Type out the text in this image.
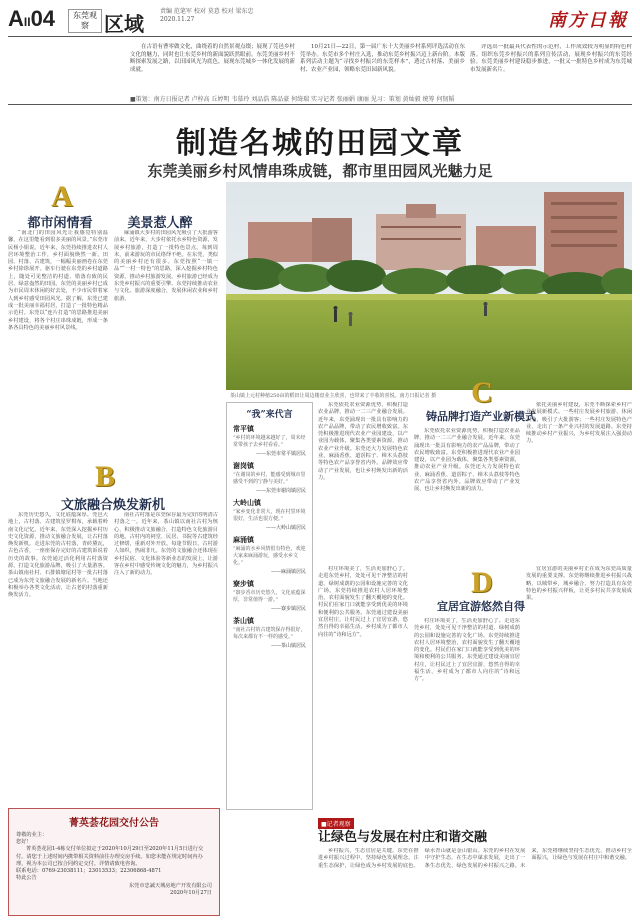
AII04	东莞观察 区域
责编 范笔军 校对 莫意 校对 梁东忠 2020.11.27	南方日報
在古语有曹零做文化，曲绕着的自然景观点缀；展现了莞邑乡村文化的魅力，同时也让东莞乡村的新面貌跃然眼前。东莞美丽乡村不断探索发展之路，以田园风光为底色，展现东莞城乡一体化发展的新成就。
10月21日—22日，第一届广东十大美丽乡村系列评选活动在东莞举办。东莞市多个村庄入选，推动东莞乡村振兴迈上新台阶。本版系列活动主题为“寻找乡村振兴的东莞样本”，透过古村落、美丽乡村、农业产业园，领略东莞田园新风貌。
评选出一批最具代表性的示范村，工作成效较为明显的特色村落。组织东莞乡村振兴的系列宣传活动，展现乡村振兴的东莞经验。东莞美丽乡村建设稳步推进，一批又一批特色乡村成为东莞城市发展新名片。
■策划：南方日报记者 卢梓高 丘婷明 韦慕玲 刘品浩 陈品豪 何绮瑞 实习记者 张丽娟 康丽 见习：策划 黄灿毅 统筹 何韧韬
制造名城的田园文章
东莞美丽乡村风情串珠成链，都市里田园风光魅力足
A
都市闲情看	美景惹人醉
“南北门的田园风光让我感觉特别温馨，在这里能看到很多美丽的风景。”东莞市民杨小姐说。近年来，东莞持续推进农村人居环境整治工作，乡村面貌焕然一新。田园、村落、古建筑，一幅幅美丽画卷在东莞乡村徐徐展开。驱车行驶在东莞的乡村道路上，随处可见整洁的村道、错落有致的民居、绿意盎然的田园。东莞的美丽乡村已成为市民周末休闲的好去处，不少市民带着家人到乡村感受田园风光。据了解，东莞已建成一批美丽幸福村居，打造了一批特色精品示范村。东莞以“连片打造”的思路推进美丽乡村建设，将各个村庄串珠成链，形成一条条各具特色的美丽乡村风景线。
麻涌镇大步村的田园风光吸引了大批游客前来。近年来，大步村依托水乡特色资源，发展乡村旅游，打造了一批特色景点。每到周末，前来游玩的市民络绎不绝。在东莞，类似的美丽乡村还有很多。东莞按照“一镇一品”“一村一特色”的思路，深入挖掘乡村特色资源，推动乡村旅游发展。乡村旅游已经成为东莞乡村振兴的重要引擎。东莞持续推动农业与文化、旅游深度融合，发展休闲农业和乡村旅游。
B
文旅融合焕发新机
东莞历史悠久，文化底蕴深厚。莞邑大地上，古村落、古建筑星罗棋布，承载着岭南文化记忆。近年来，东莞深入挖掘乡村历史文化资源，推动文旅融合发展，让古村落焕发新机。走进东莞的古村落，青砖黛瓦，古色古香，一座座保存完好的古建筑诉说着历史的故事。东莞通过活化利用古村落资源，打造文化旅游品牌，吸引了大量游客。茶山镇南社村、石排镇塘尾村等一批古村落已成为东莞文旅融合发展的新名片。当地还积极举办各类文化活动，让古老的村落重新焕发活力。
南社古村落是东莞保存最为完好的明清古村落之一。近年来，茶山镇以南社古村为核心，积极推动文旅融合，打造特色文化旅游目的地。古村内的祠堂、民居、书院等古建筑经过修缮，重新对外开放。每逢节假日，古村游人如织，热闹非凡。东莞的文旅融合还体现在乡村民宿、文化体验等新业态的发展上，让游客在乡村中感受传统文化的魅力，为乡村振兴注入了新的动力。
茶山镇上元村种植250亩的稻田让周边楼盘业主欣喜，也带来了丰收的喜悦。南方日报记者 摄
“我”来代言
常平镇
“乡村的环境越来越好了，周末经常带孩子去乡村看看。”
——东莞市常平镇居民
谢岗镇
“在谢岗的乡村，能感受到城市里感受不到的宁静与美好。”
——东莞市谢岗镇居民
大岭山镇
“家乡变化非常大，现在村里环境很好，生活也很方便。”
——大岭山镇居民
麻涌镇
“麻涌的水乡风情很有特色，欢迎大家来麻涌游玩，感受水乡文化。”
——麻涌镇居民
寮步镇
“寮步香市历史悠久，文化底蕴深厚，非常值得一游。”
——寮步镇居民
茶山镇
“南社古村的古建筑保存得很好，每次来都有不一样的感受。”
——茶山镇居民
东莞依托农业资源优势，积极打造农业品牌，推动一二三产业融合发展。近年来，东莞涌现出一批具有影响力的农产品品牌，带动了农民增收致富。东莞积极推进现代农业产业园建设，以产业园为载体，聚集各类要素资源，推动农业产业升级。东莞还大力发展特色农业，麻涌香蕉、道滘粽子、樟木头荔枝等特色农产品享誉省内外。品牌效应带动了产业发展，也让乡村焕发出新的活力。
C
铸品牌打造产业新模式
东莞依托农业资源优势，积极打造农业品牌，推动一二三产业融合发展。近年来，东莞涌现出一批具有影响力的农产品品牌，带动了农民增收致富。东莞积极推进现代农业产业园建设，以产业园为载体，聚集各类要素资源，推动农业产业升级。东莞还大力发展特色农业，麻涌香蕉、道滘粽子、樟木头荔枝等特色农产品享誉省内外。品牌效应带动了产业发展，也让乡村焕发出新的活力。
依托美丽乡村建设，东莞不断探索乡村产业发展新模式。一些村庄发展乡村旅游、休闲农业，吸引了大批游客；一些村庄发展特色产业，走出了一条产业兴村的发展道路。东莞持续推动乡村产业振兴，为乡村发展注入强劲动力。
村庄环境美了，生活更加舒心了。走进东莞乡村，处处可见干净整洁的村道、绿树成荫的公园和设施完善的文化广场。东莞持续推进农村人居环境整治，农村面貌发生了翻天覆地的变化。村民们在家门口就能享受到优美的环境和便利的公共服务。东莞通过建设美丽宜居村庄，让村民过上了宜居宜游、悠然自得的幸福生活，乡村成为了都市人向往的“诗和远方”。
D
宜居宜游悠然自得
村庄环境美了，生活更加舒心了。走进东莞乡村，处处可见干净整洁的村道、绿树成荫的公园和设施完善的文化广场。东莞持续推进农村人居环境整治，农村面貌发生了翻天覆地的变化。村民们在家门口就能享受到优美的环境和便利的公共服务。东莞通过建设美丽宜居村庄，让村民过上了宜居宜游、悠然自得的幸福生活，乡村成为了都市人向往的“诗和远方”。
宜居宜游的美丽乡村正在成为东莞高质量发展的重要支撑。东莞将继续推进乡村振兴战略，以城带乡，城乡融合，努力打造具有东莞特色的乡村振兴样板，让更多村民共享发展成果。
菁英荟花园交付公告
尊敬的业主：
您好！
菁英荟花园1-4栋交付单位拟定于2020年10月29日至2020年11月5日进行交付。请您于上述时间内携带相关资料前往办理交房手续。如您未能在规定时间内办理，视为本公司已按合同约定交付。详情请致电咨询。
联系电话：0769-23038111；23013533；22306868-4871
特此公告
东莞市忠誠天城房地产开发有限公司
2020年10月27日
■记者观察
让绿色与发展在村庄和谐交融
乡村振兴，生态宜居是关键。东莞在推进乡村振兴过程中，坚持绿色发展理念，注重生态保护，让绿色成为乡村发展的底色。绿水青山就是金山银山。东莞的乡村在发展中守护生态，在生态中谋求发展，走出了一条生态优先、绿色发展的乡村振兴之路。未来，东莞将继续坚持生态优先，推动乡村全面振兴，让绿色与发展在村庄中和谐交融。
